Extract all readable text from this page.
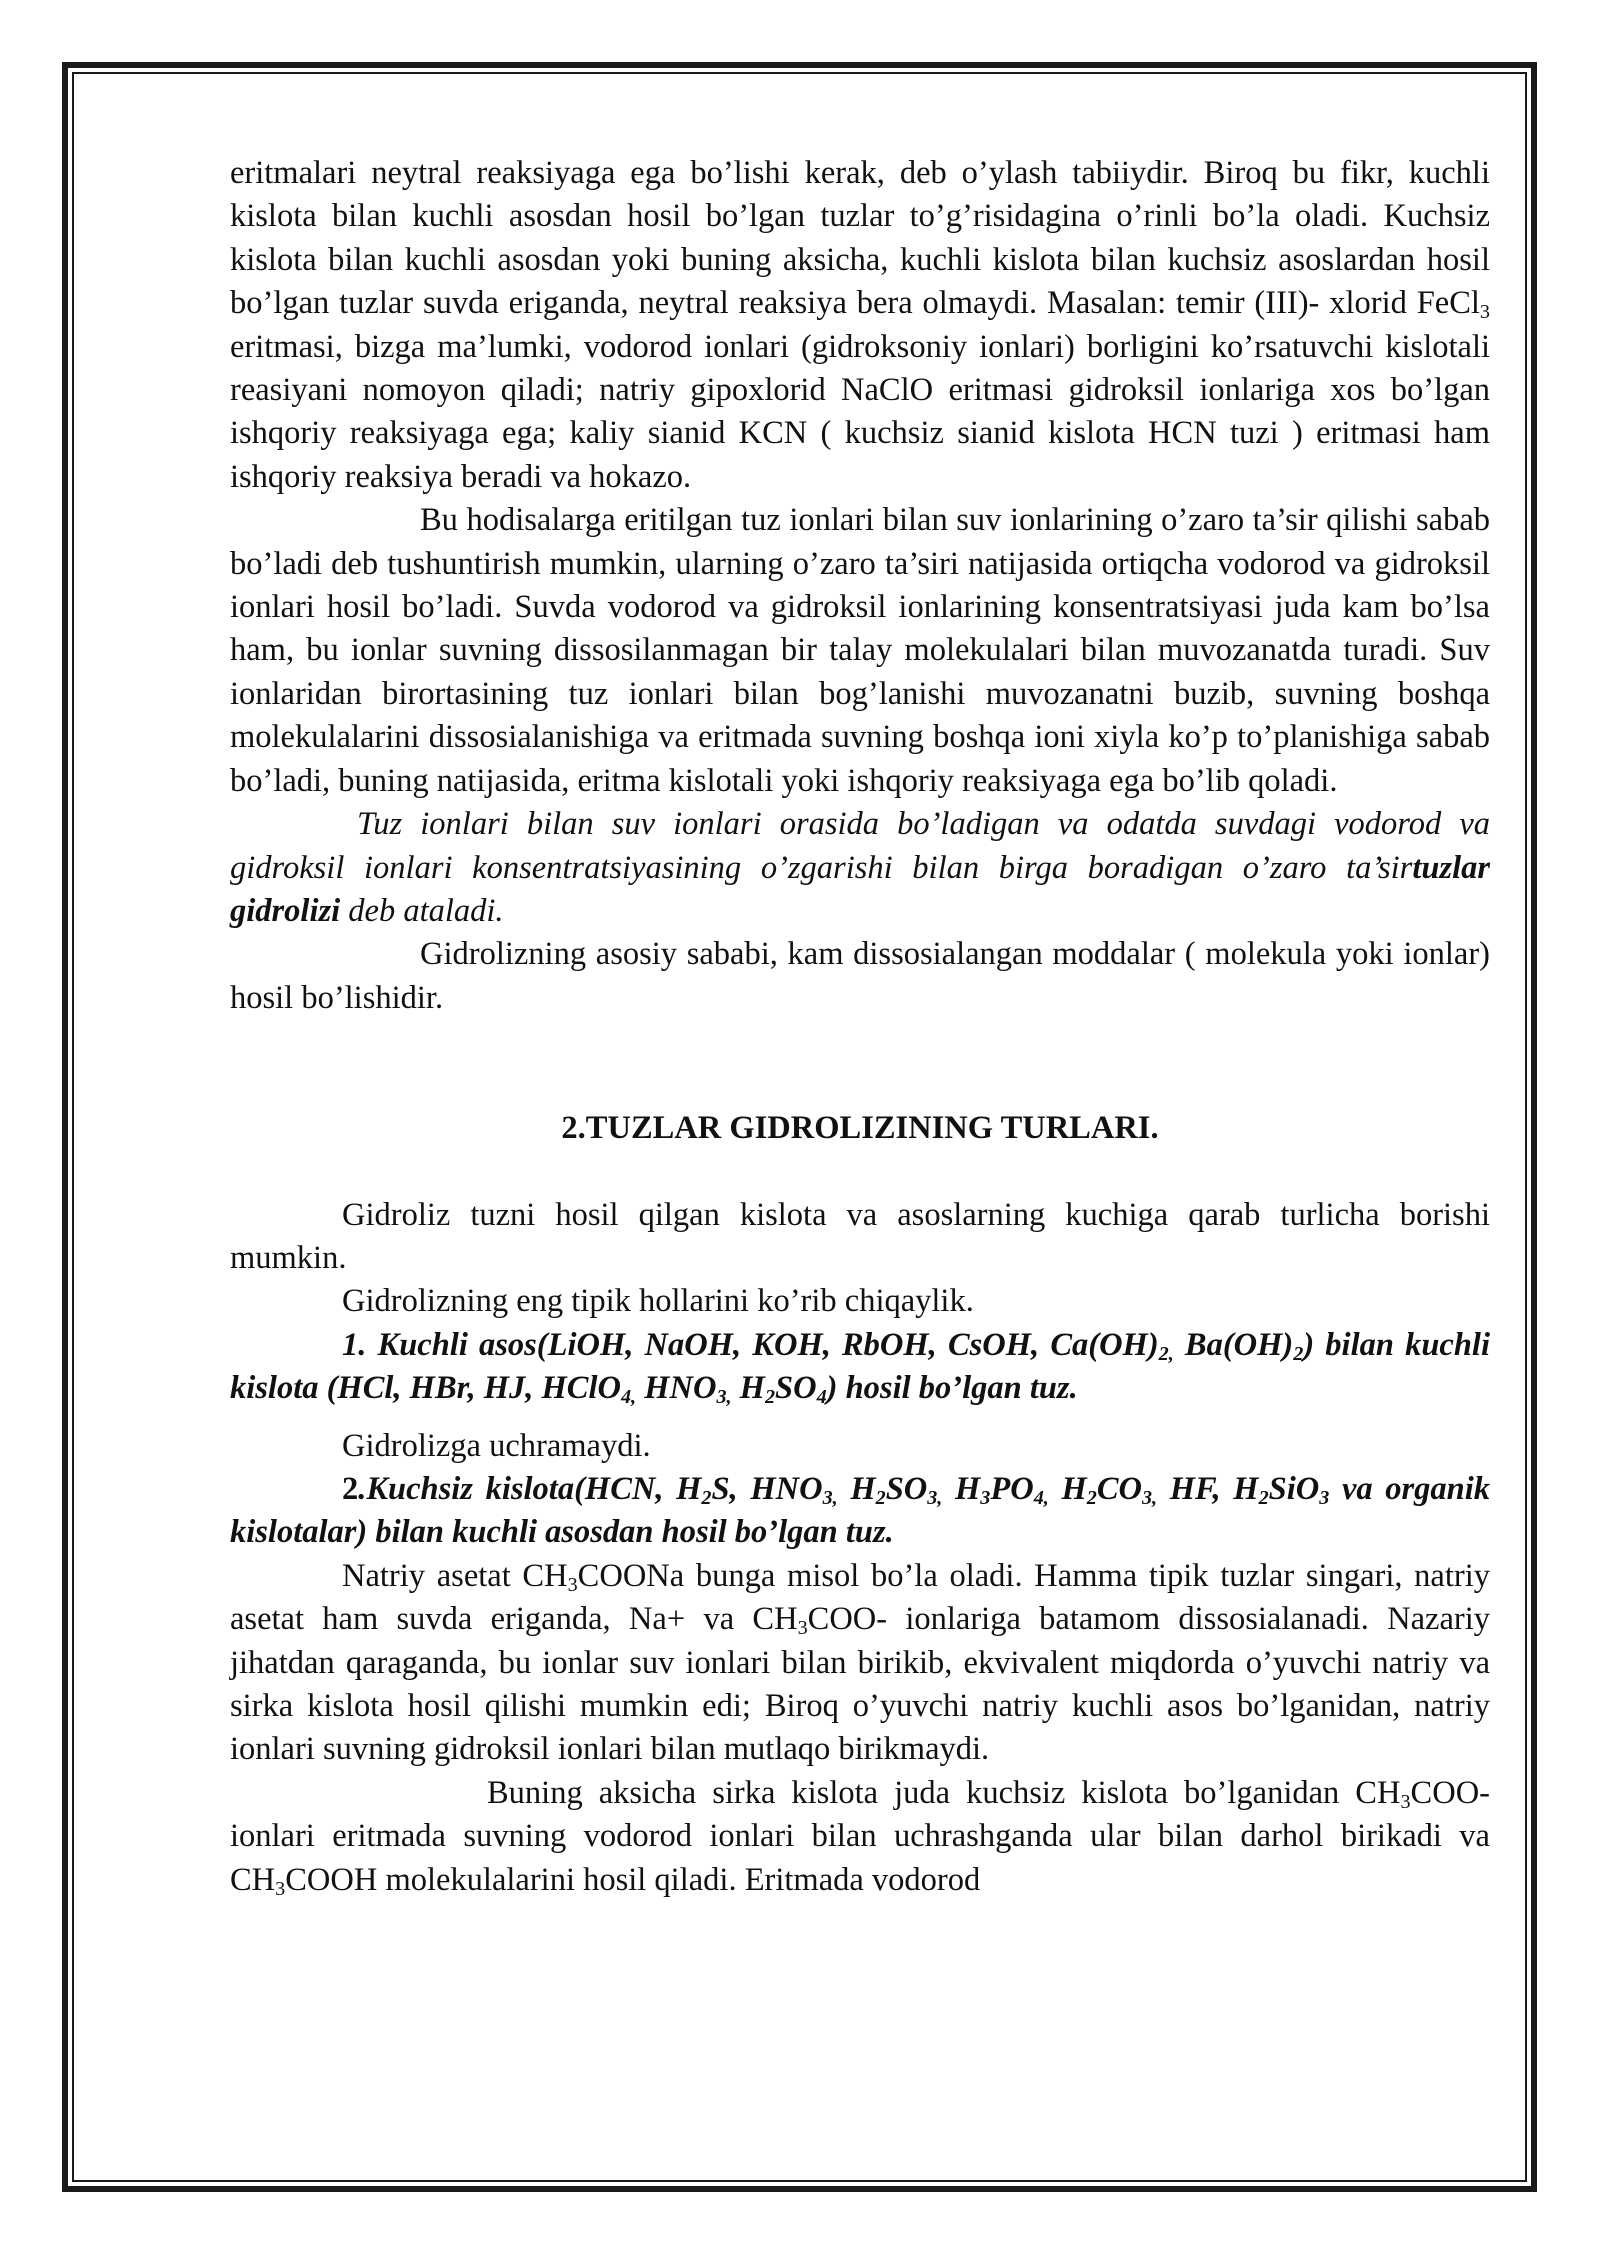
eritmalari neytral reaksiyaga ega bo’lishi kerak, deb o’ylash tabiiydir. Biroq bu fikr, kuchli kislota bilan kuchli asosdan hosil bo’lgan tuzlar to’g’risidagina o’rinli bo’la oladi. Kuchsiz kislota bilan kuchli asosdan yoki buning aksicha, kuchli kislota bilan kuchsiz asoslardan hosil bo’lgan tuzlar suvda eriganda, neytral reaksiya bera olmaydi. Masalan: temir (III)- xlorid FeCl$_3$ eritmasi, bizga ma’lumki, vodorod ionlari (gidroksoniy ionlari) borligini ko’rsatuvchi kislotali reasiyani nomoyon qiladi; natriy gipoxlorid NaClO eritmasi gidroksil ionlariga xos bo’lgan ishqoriy reaksiyaga ega; kaliy sianid KCN ( kuchsiz sianid kislota HCN tuzi ) eritmasi ham ishqoriy reaksiya beradi va hokazo.

Bu hodisalarga eritilgan tuz ionlari bilan suv ionlarining o’zaro ta’sir qilishi sabab bo’ladi deb tushuntirish mumkin, ularning o’zaro ta’siri natijasida ortiqcha vodorod va gidroksil ionlari hosil bo’ladi. Suvda vodorod va gidroksil ionlarining konsentratsiyasi juda kam bo’lsa ham, bu ionlar suvning dissosilanmagan bir talay molekulalari bilan muvozanatda turadi. Suv ionlaridan birortasining tuz ionlari bilan bog’lanishi muvozanatni buzib, suvning boshqa molekulalarini dissosialanishiga va eritmada suvning boshqa ioni xiyla ko’p to’planishiga sabab bo’ladi, buning natijasida, eritma kislotali yoki ishqoriy reaksiyaga ega bo’lib qoladi.

Tuz ionlari bilan suv ionlari orasida bo’ladigan va odatda suvdagi vodorod va gidroksil ionlari konsentratsiyasining o’zgarishi bilan birga boradigan o’zaro ta’sirtuzlar gidrolizi deb ataladi.

Gidrolizning asosiy sababi, kam dissosialangan moddalar ( molekula yoki ionlar) hosil bo’lishidir.

2.TUZLAR GIDROLIZINING TURLARI.

Gidroliz tuzni hosil qilgan kislota va asoslarning kuchiga qarab turlicha borishi mumkin.

Gidrolizning eng tipik hollarini ko’rib chiqaylik.

1. Kuchli asos(LiOH, NaOH, KOH, RbOH, CsOH, $Ca(OH)_{2,}$ $Ba(OH)_2$) bilan kuchli kislota (HCl, HBr, HJ, HClO$_{4,}$ $HNO_{3,}$ $H_2SO_4$) hosil bo’lgan tuz.

Gidrolizga uchramaydi.

2.Kuchsiz kislota(HCN, $H_2S$, $HNO_{3,}$ $H_2SO_{3,}$ $H_3PO_{4,}$ $H_2CO_{3,}$ HF, $H_2SiO_3$ va organik kislotalar) bilan kuchli asosdan hosil bo’lgan tuz.

Natriy asetat $CH_3COONa$ bunga misol bo’la oladi. Hamma tipik tuzlar singari, natriy asetat ham suvda eriganda, Na+ va $CH_3COO-$ ionlariga batamom dissosialanadi. Nazariy jihatdan qaraganda, bu ionlar suv ionlari bilan birikib, ekvivalent miqdorda o’yuvchi natriy va sirka kislota hosil qilishi mumkin edi; Biroq o’yuvchi natriy kuchli asos bo’lganidan, natriy ionlari suvning gidroksil ionlari bilan mutlaqo birikmaydi.

Buning aksicha sirka kislota juda kuchsiz kislota bo’lganidan $CH_3COO-$ ionlari eritmada suvning vodorod ionlari bilan uchrashganda ular bilan darhol birikadi va $CH_3COOH$ molekulalarini hosil qiladi. Eritmada vodorod
